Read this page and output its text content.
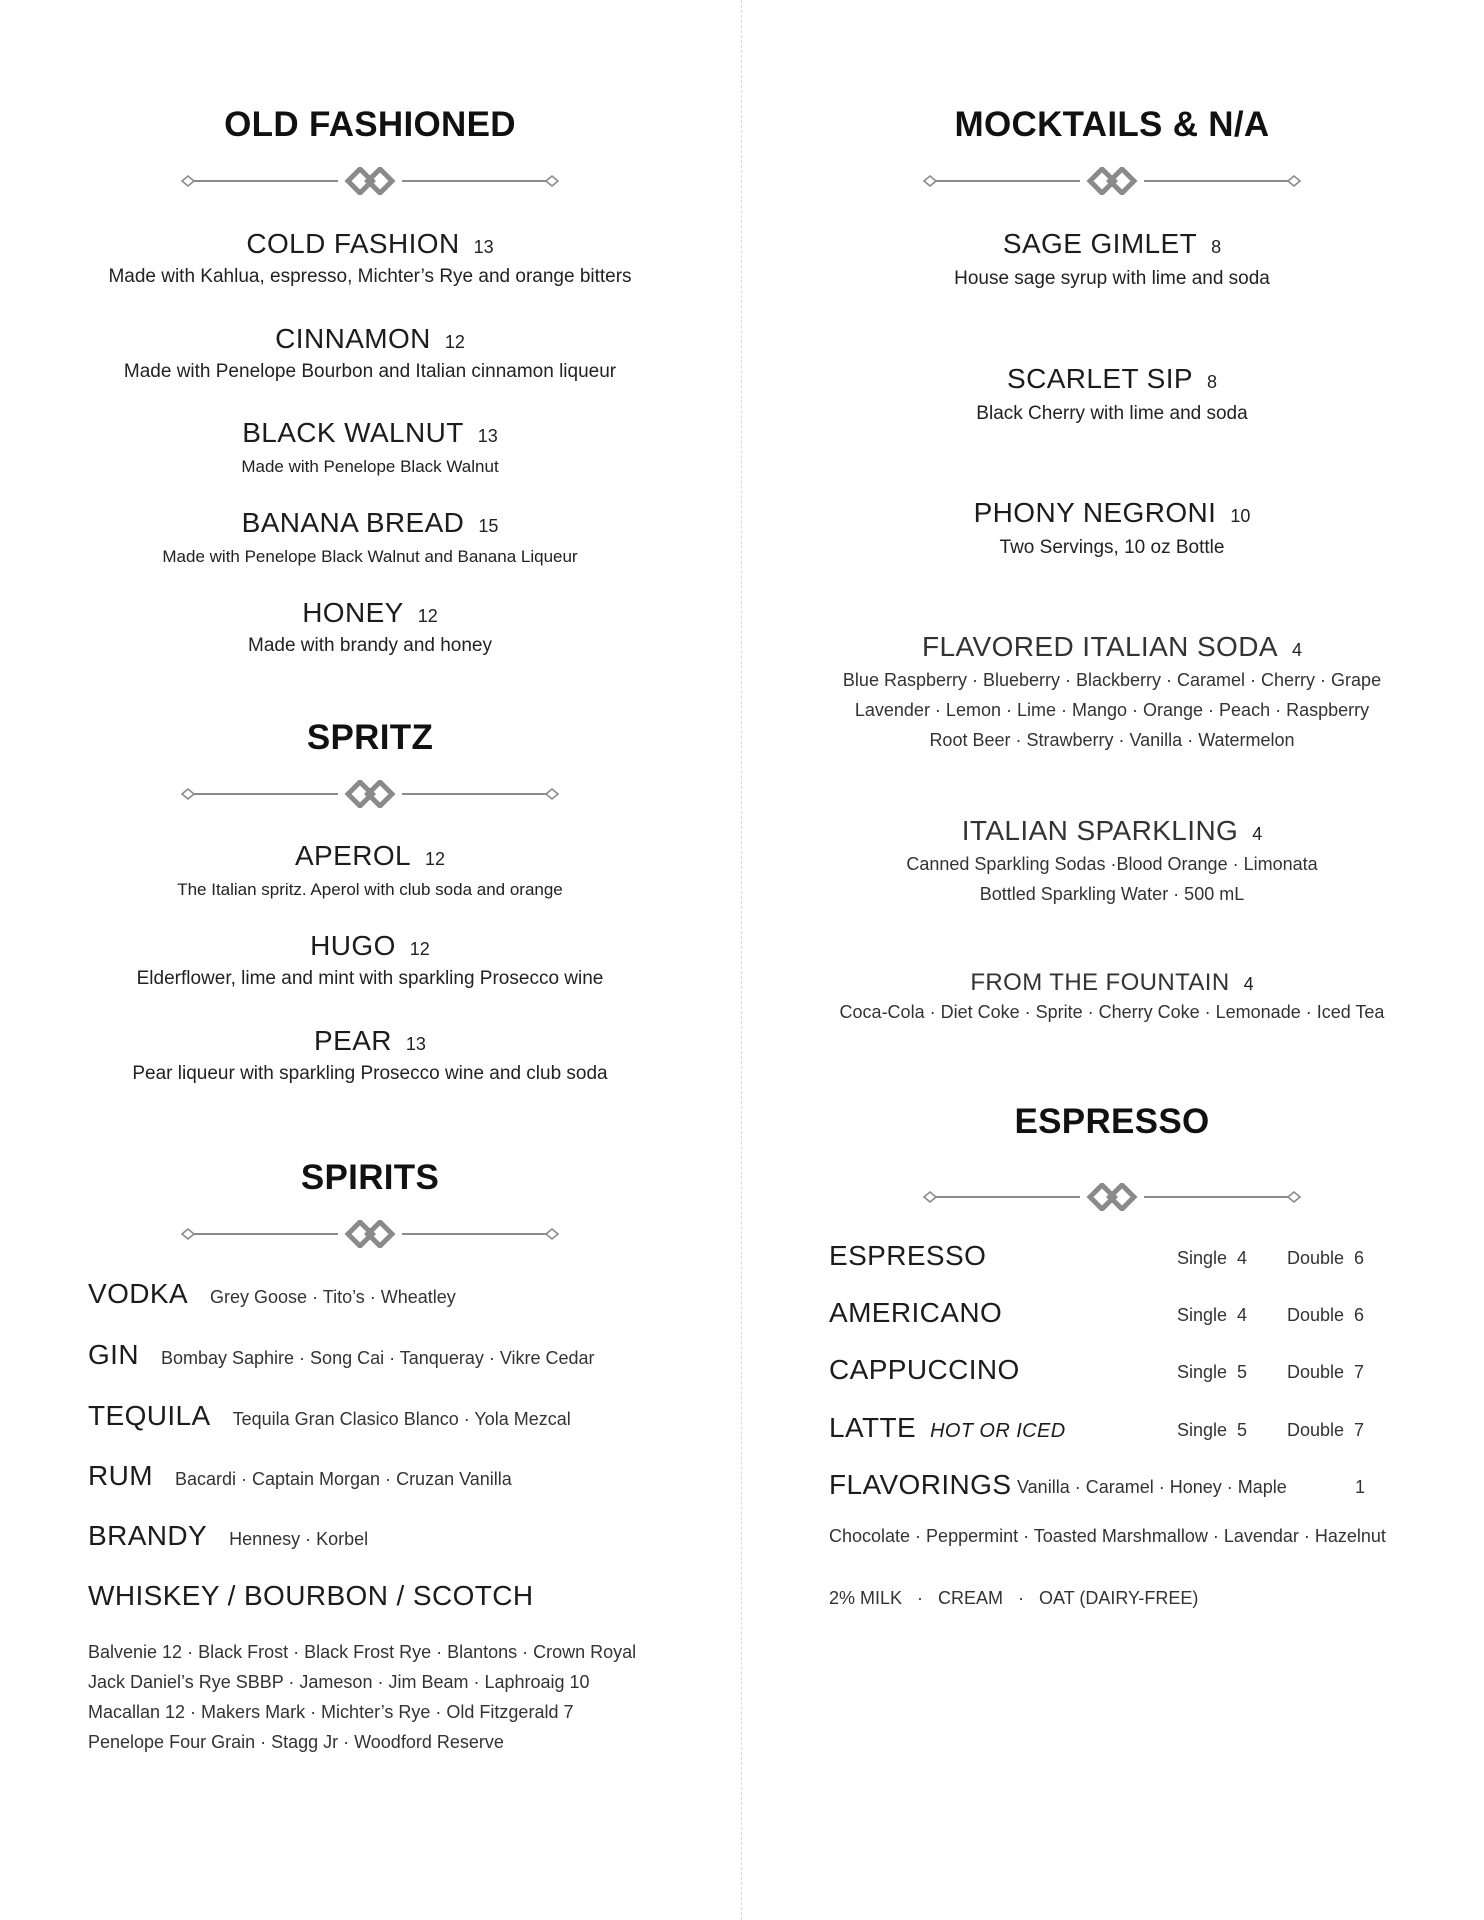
OLD FASHIONED
COLD FASHION 13
Made with Kahlua, espresso, Michter’s Rye and orange bitters
CINNAMON 12
Made with Penelope Bourbon and Italian cinnamon liqueur
BLACK WALNUT 13
Made with Penelope Black Walnut
BANANA BREAD 15
Made with Penelope Black Walnut and Banana Liqueur
HONEY 12
Made with brandy and honey
SPRITZ
APEROL 12
The Italian spritz. Aperol with club soda and orange
HUGO 12
Elderflower, lime and mint with sparkling Prosecco wine
PEAR 13
Pear liqueur with sparkling Prosecco wine and club soda
SPIRITS
VODKA Grey Goose · Tito’s · Wheatley
GIN Bombay Saphire · Song Cai · Tanqueray · Vikre Cedar
TEQUILA Tequila Gran Clasico Blanco · Yola Mezcal
RUM Bacardi · Captain Morgan · Cruzan Vanilla
BRANDY Hennesy · Korbel
WHISKEY / BOURBON / SCOTCH
Balvenie 12 · Black Frost · Black Frost Rye · Blantons · Crown Royal
Jack Daniel’s Rye SBBP · Jameson · Jim Beam · Laphroaig 10
Macallan 12 · Makers Mark · Michter’s Rye · Old Fitzgerald 7
Penelope Four Grain · Stagg Jr · Woodford Reserve
MOCKTAILS & N/A
SAGE GIMLET 8
House sage syrup with lime and soda
SCARLET SIP 8
Black Cherry with lime and soda
PHONY NEGRONI 10
Two Servings, 10 oz Bottle
FLAVORED ITALIAN SODA 4
Blue Raspberry · Blueberry · Blackberry · Caramel · Cherry · Grape
Lavender · Lemon · Lime · Mango · Orange · Peach · Raspberry
Root Beer · Strawberry · Vanilla · Watermelon
ITALIAN SPARKLING 4
Canned Sparkling Sodas ·Blood Orange · Limonata
Bottled Sparkling Water · 500 mL
FROM THE FOUNTAIN 4
Coca-Cola · Diet Coke · Sprite · Cherry Coke · Lemonade · Iced Tea
ESPRESSO
ESPRESSO	Single 4 Double 6
AMERICANO	Single 4 Double 6
CAPPUCCINO	Single 5 Double 7
LATTE HOT OR ICED	Single 5 Double 7
FLAVORINGS Vanilla · Caramel · Honey · Maple	1
Chocolate · Peppermint · Toasted Marshmallow · Lavendar · Hazelnut
2% MILK   ·   CREAM   ·   OAT (DAIRY-FREE)
